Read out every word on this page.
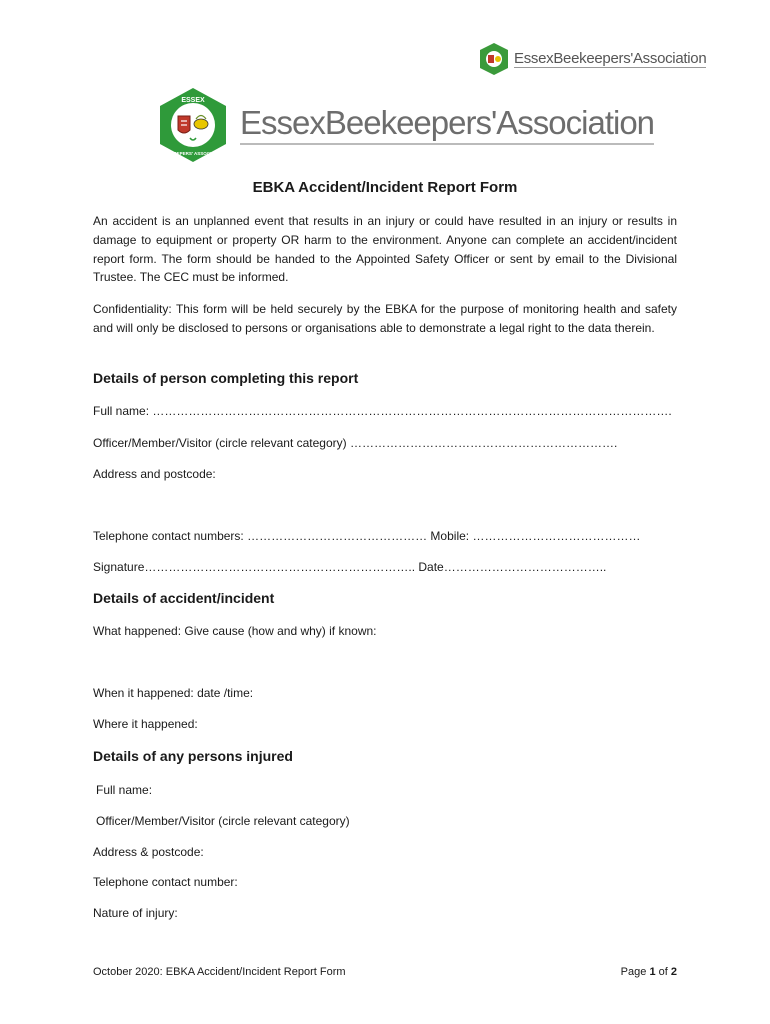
EssexBeekeepers'Association
ESSEX
BEEKEEPERS' ASSOCIATION
EssexBeekeepers'Association
EBKA Accident/Incident Report Form
An accident is an unplanned event that results in an injury or could have resulted in an injury or results in damage to equipment or property OR harm to the environment. Anyone can complete an accident/incident report form. The form should be handed to the Appointed Safety Officer or sent by email to the Divisional Trustee. The CEC must be informed.
Confidentiality: This form will be held securely by the EBKA for the purpose of monitoring health and safety and will only be disclosed to persons or organisations able to demonstrate a legal right to the data therein.
Details of person completing this report
Full name: ………………………………………………………………………………………………………………….
Officer/Member/Visitor (circle relevant category) ………………………………………………………….
Address and postcode:
Telephone contact numbers: ……………………………………… Mobile: ……………………………………
Signature………………………………………………………….. Date…………………………………..
Details of accident/incident
What happened: Give cause (how and why) if known:
When it happened: date /time:
Where it happened:
Details of any persons injured
Full name:
Officer/Member/Visitor (circle relevant category)
Address & postcode:
Telephone contact number:
Nature of injury:
October 2020: EBKA Accident/Incident Report Form	Page 1 of 2
